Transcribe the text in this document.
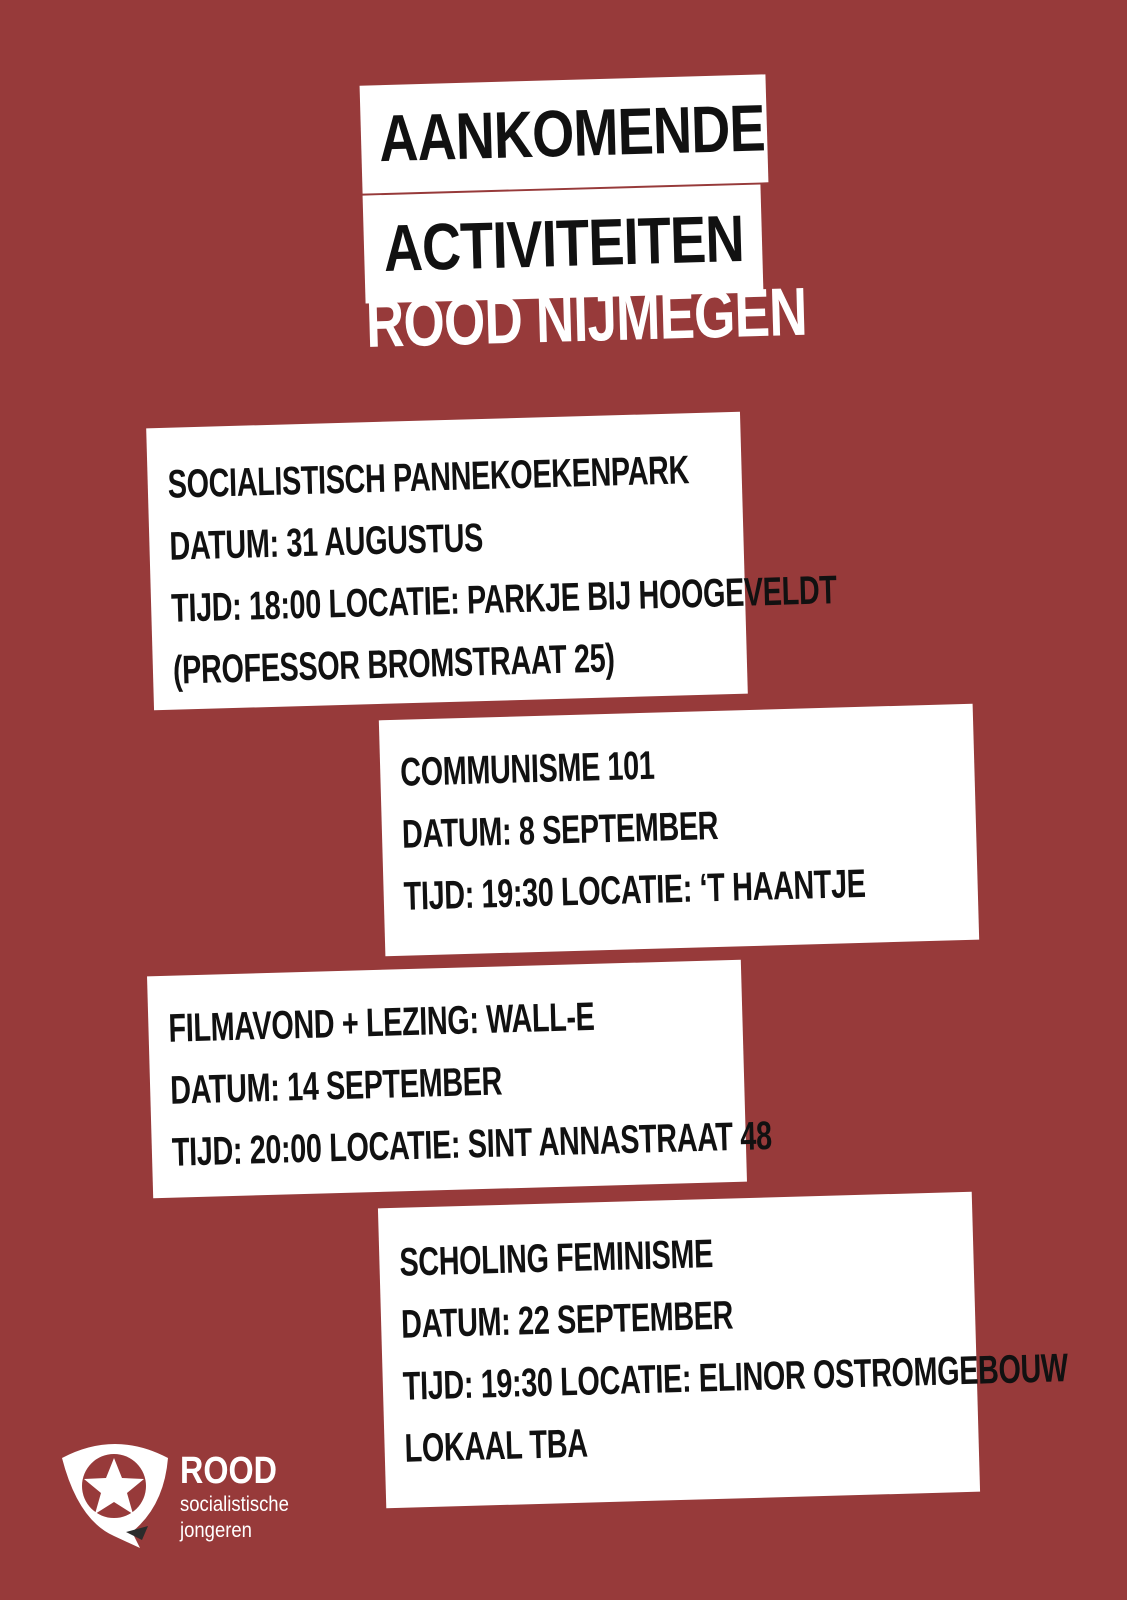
AANKOMENDE
ACTIVITEITEN
ROOD NIJMEGEN
SOCIALISTISCH PANNEKOEKENPARK
DATUM: 31 AUGUSTUS
TIJD: 18:00 LOCATIE: PARKJE BIJ HOOGEVELDT
(PROFESSOR BROMSTRAAT 25)
COMMUNISME 101
DATUM: 8 SEPTEMBER
TIJD: 19:30 LOCATIE: ‘T HAANTJE
FILMAVOND + LEZING: WALL-E
DATUM: 14 SEPTEMBER
TIJD: 20:00 LOCATIE: SINT ANNASTRAAT 48
SCHOLING FEMINISME
DATUM: 22 SEPTEMBER
TIJD: 19:30 LOCATIE: ELINOR OSTROMGEBOUW
LOKAAL TBA
ROOD
socialistische
jongeren
